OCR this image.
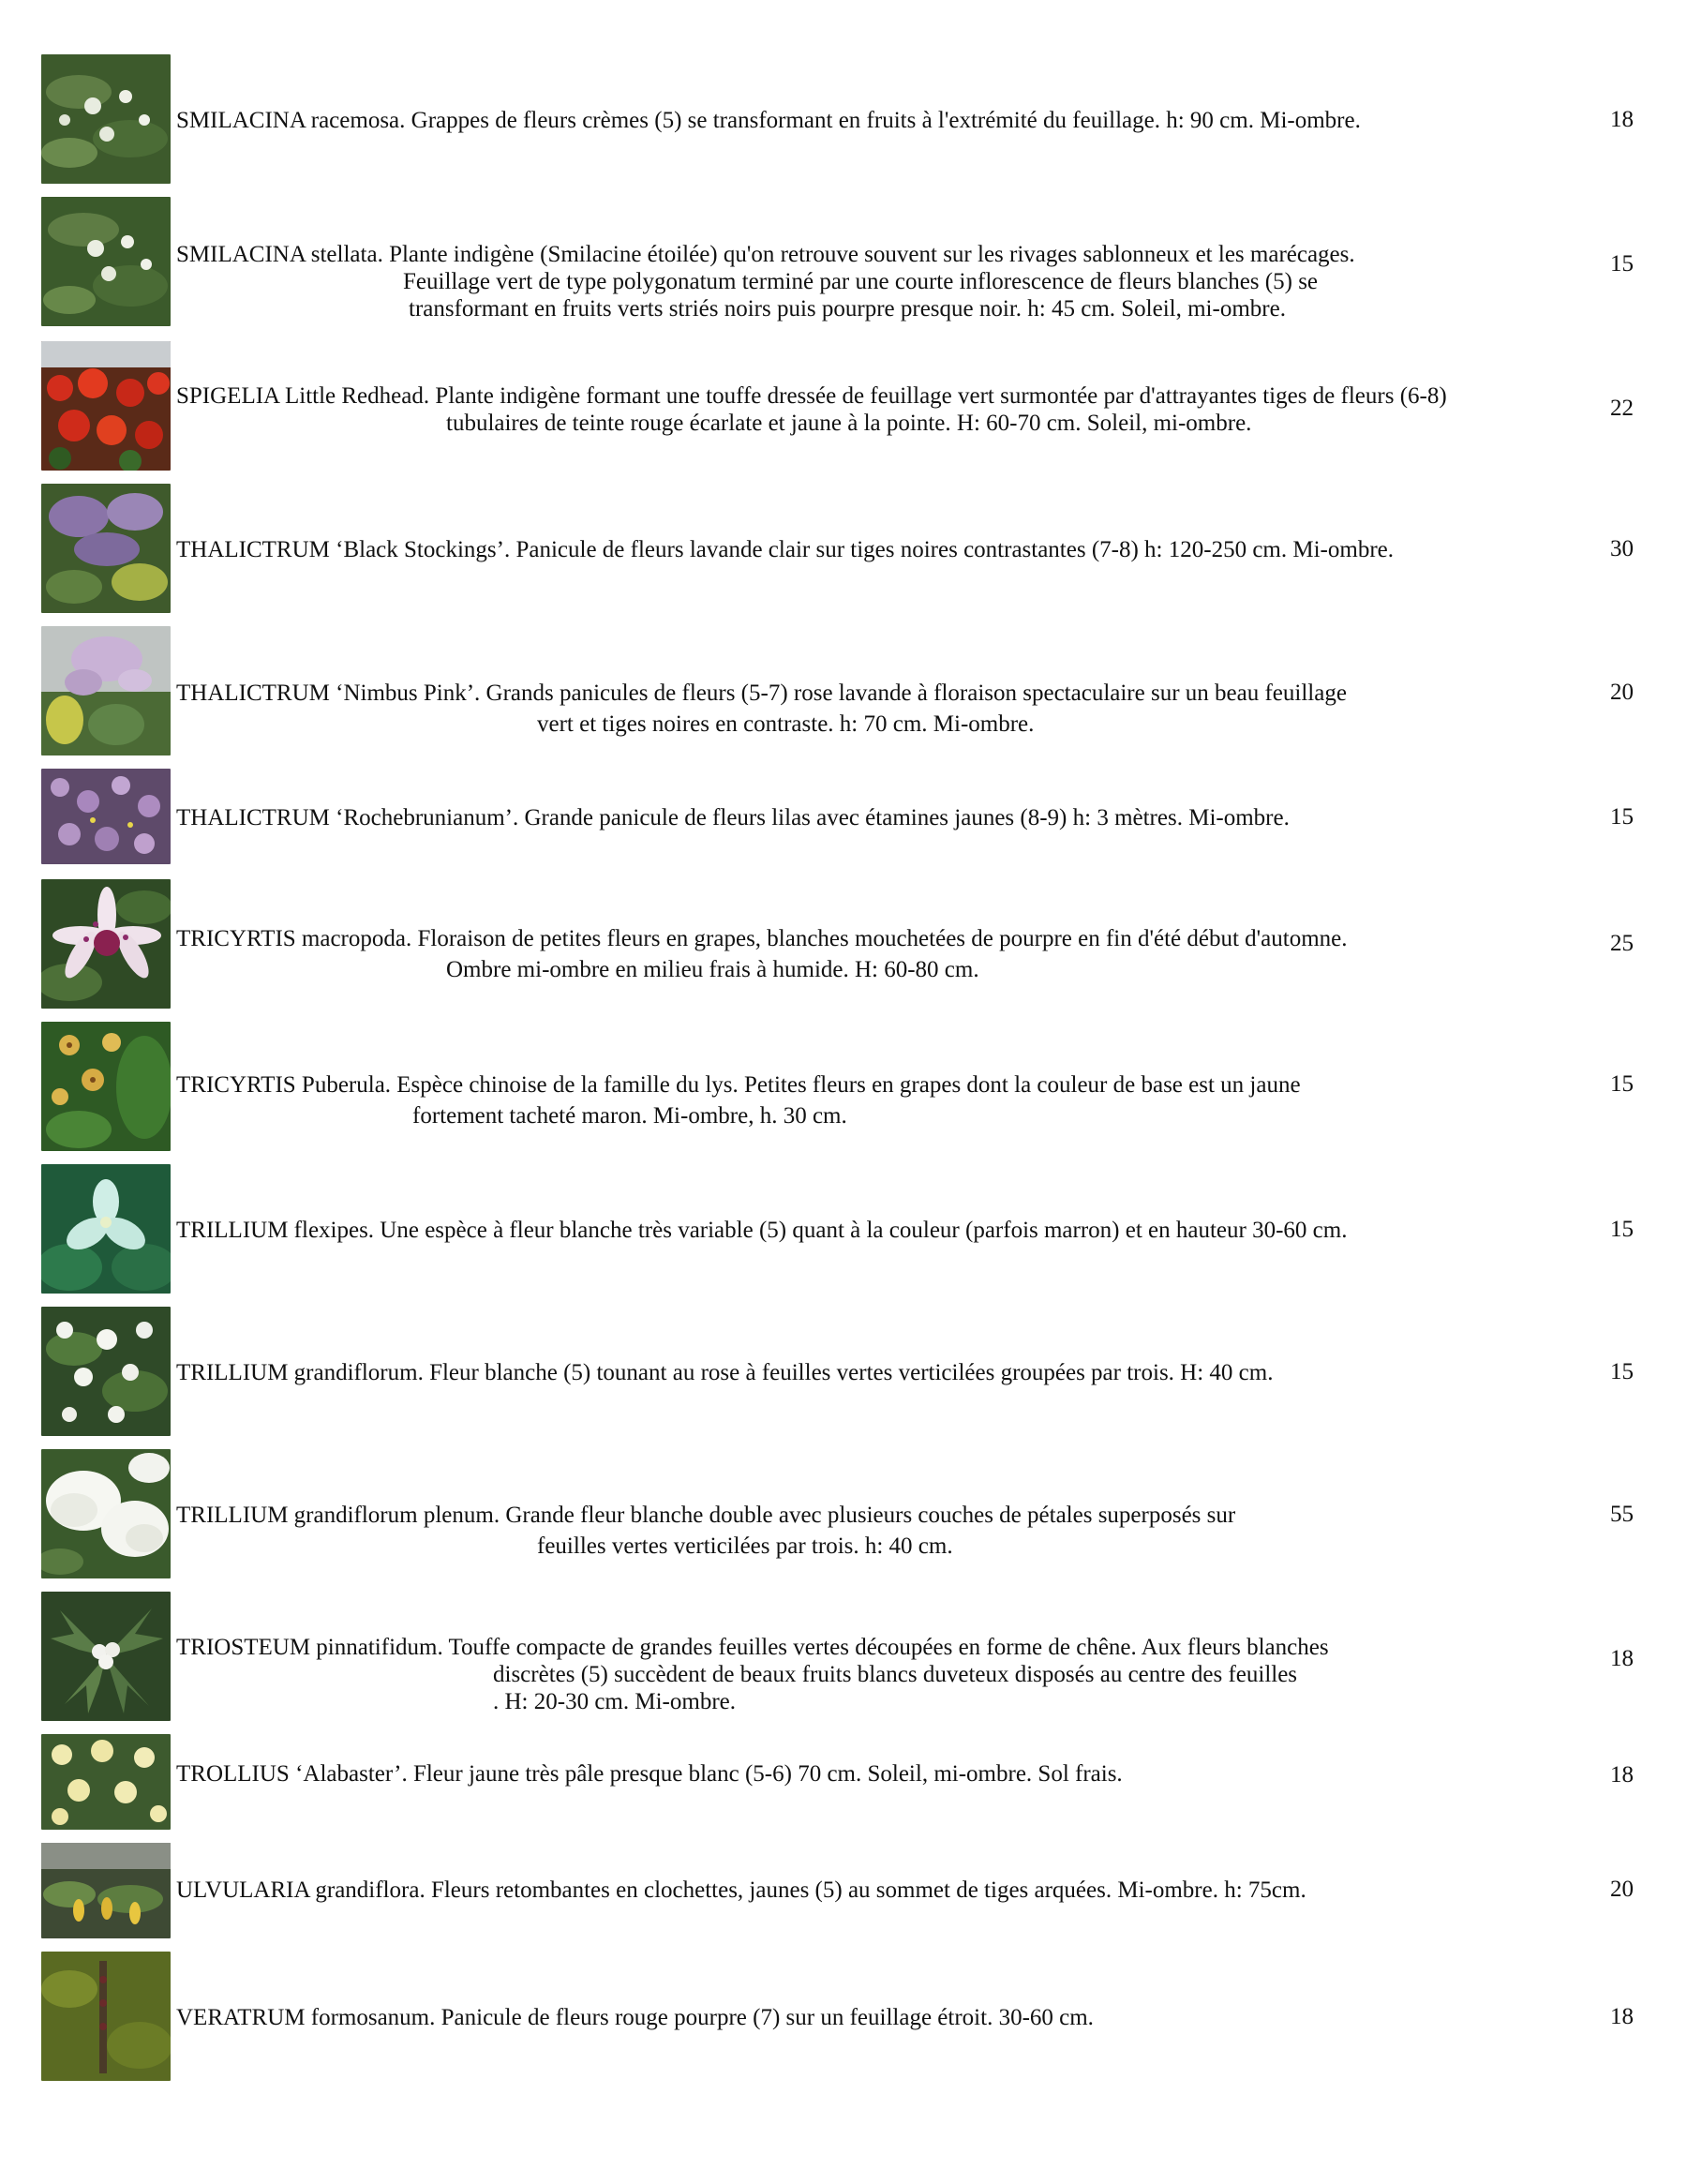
SMILACINA racemosa. Grappes de fleurs crèmes (5) se transformant en fruits à l'extrémité du feuillage. h: 90 cm. Mi-ombre.	18
SMILACINA stellata. Plante indigène (Smilacine étoilée) qu'on retrouve souvent sur les rivages sablonneux et les marécages.
Feuillage vert de type polygonatum terminé par une courte inflorescence de fleurs blanches (5) se
transformant en fruits verts striés noirs puis pourpre presque noir. h: 45 cm. Soleil, mi-ombre.
15
SPIGELIA Little Redhead. Plante indigène formant une touffe dressée de feuillage vert surmontée par d'attrayantes tiges de fleurs (6-8)
tubulaires de teinte rouge écarlate et jaune à la pointe. H: 60-70 cm. Soleil, mi-ombre.
22
THALICTRUM ‘Black Stockings’. Panicule de fleurs lavande clair sur tiges noires contrastantes (7-8) h: 120-250 cm. Mi-ombre.	30
THALICTRUM ‘Nimbus Pink’. Grands panicules de fleurs (5-7) rose lavande à floraison spectaculaire sur un beau feuillage
vert et tiges noires en contraste. h: 70 cm. Mi-ombre.
20
THALICTRUM ‘Rochebrunianum’. Grande panicule de fleurs lilas avec étamines jaunes (8-9) h: 3 mètres. Mi-ombre.	15
TRICYRTIS macropoda. Floraison de petites fleurs en grapes, blanches mouchetées de pourpre en fin d'été début d'automne.
Ombre mi-ombre en milieu frais à humide. H: 60-80 cm.
25
TRICYRTIS Puberula. Espèce chinoise de la famille du lys. Petites fleurs en grapes dont la couleur de base est un jaune
fortement tacheté maron. Mi-ombre, h. 30 cm.
15
TRILLIUM flexipes. Une espèce à fleur blanche très variable (5) quant à la couleur (parfois marron) et en hauteur 30-60 cm.	15
TRILLIUM grandiflorum. Fleur blanche (5) tounant au rose à feuilles vertes verticilées groupées par trois. H: 40 cm.	15
TRILLIUM grandiflorum plenum. Grande fleur blanche double avec plusieurs couches de pétales superposés sur
feuilles vertes verticilées par trois. h: 40 cm.
55
TRIOSTEUM pinnatifidum. Touffe compacte de grandes feuilles vertes découpées en forme de chêne. Aux fleurs blanches
discrètes (5) succèdent de beaux fruits blancs duveteux disposés au centre des feuilles
. H: 20-30 cm. Mi-ombre.
18
TROLLIUS ‘Alabaster’. Fleur jaune très pâle presque blanc (5-6) 70 cm. Soleil, mi-ombre. Sol frais.	18
ULVULARIA grandiflora. Fleurs retombantes en clochettes, jaunes (5) au sommet de tiges arquées. Mi-ombre. h: 75cm.	20
VERATRUM formosanum. Panicule de fleurs rouge pourpre (7) sur un feuillage étroit. 30-60 cm.	18
